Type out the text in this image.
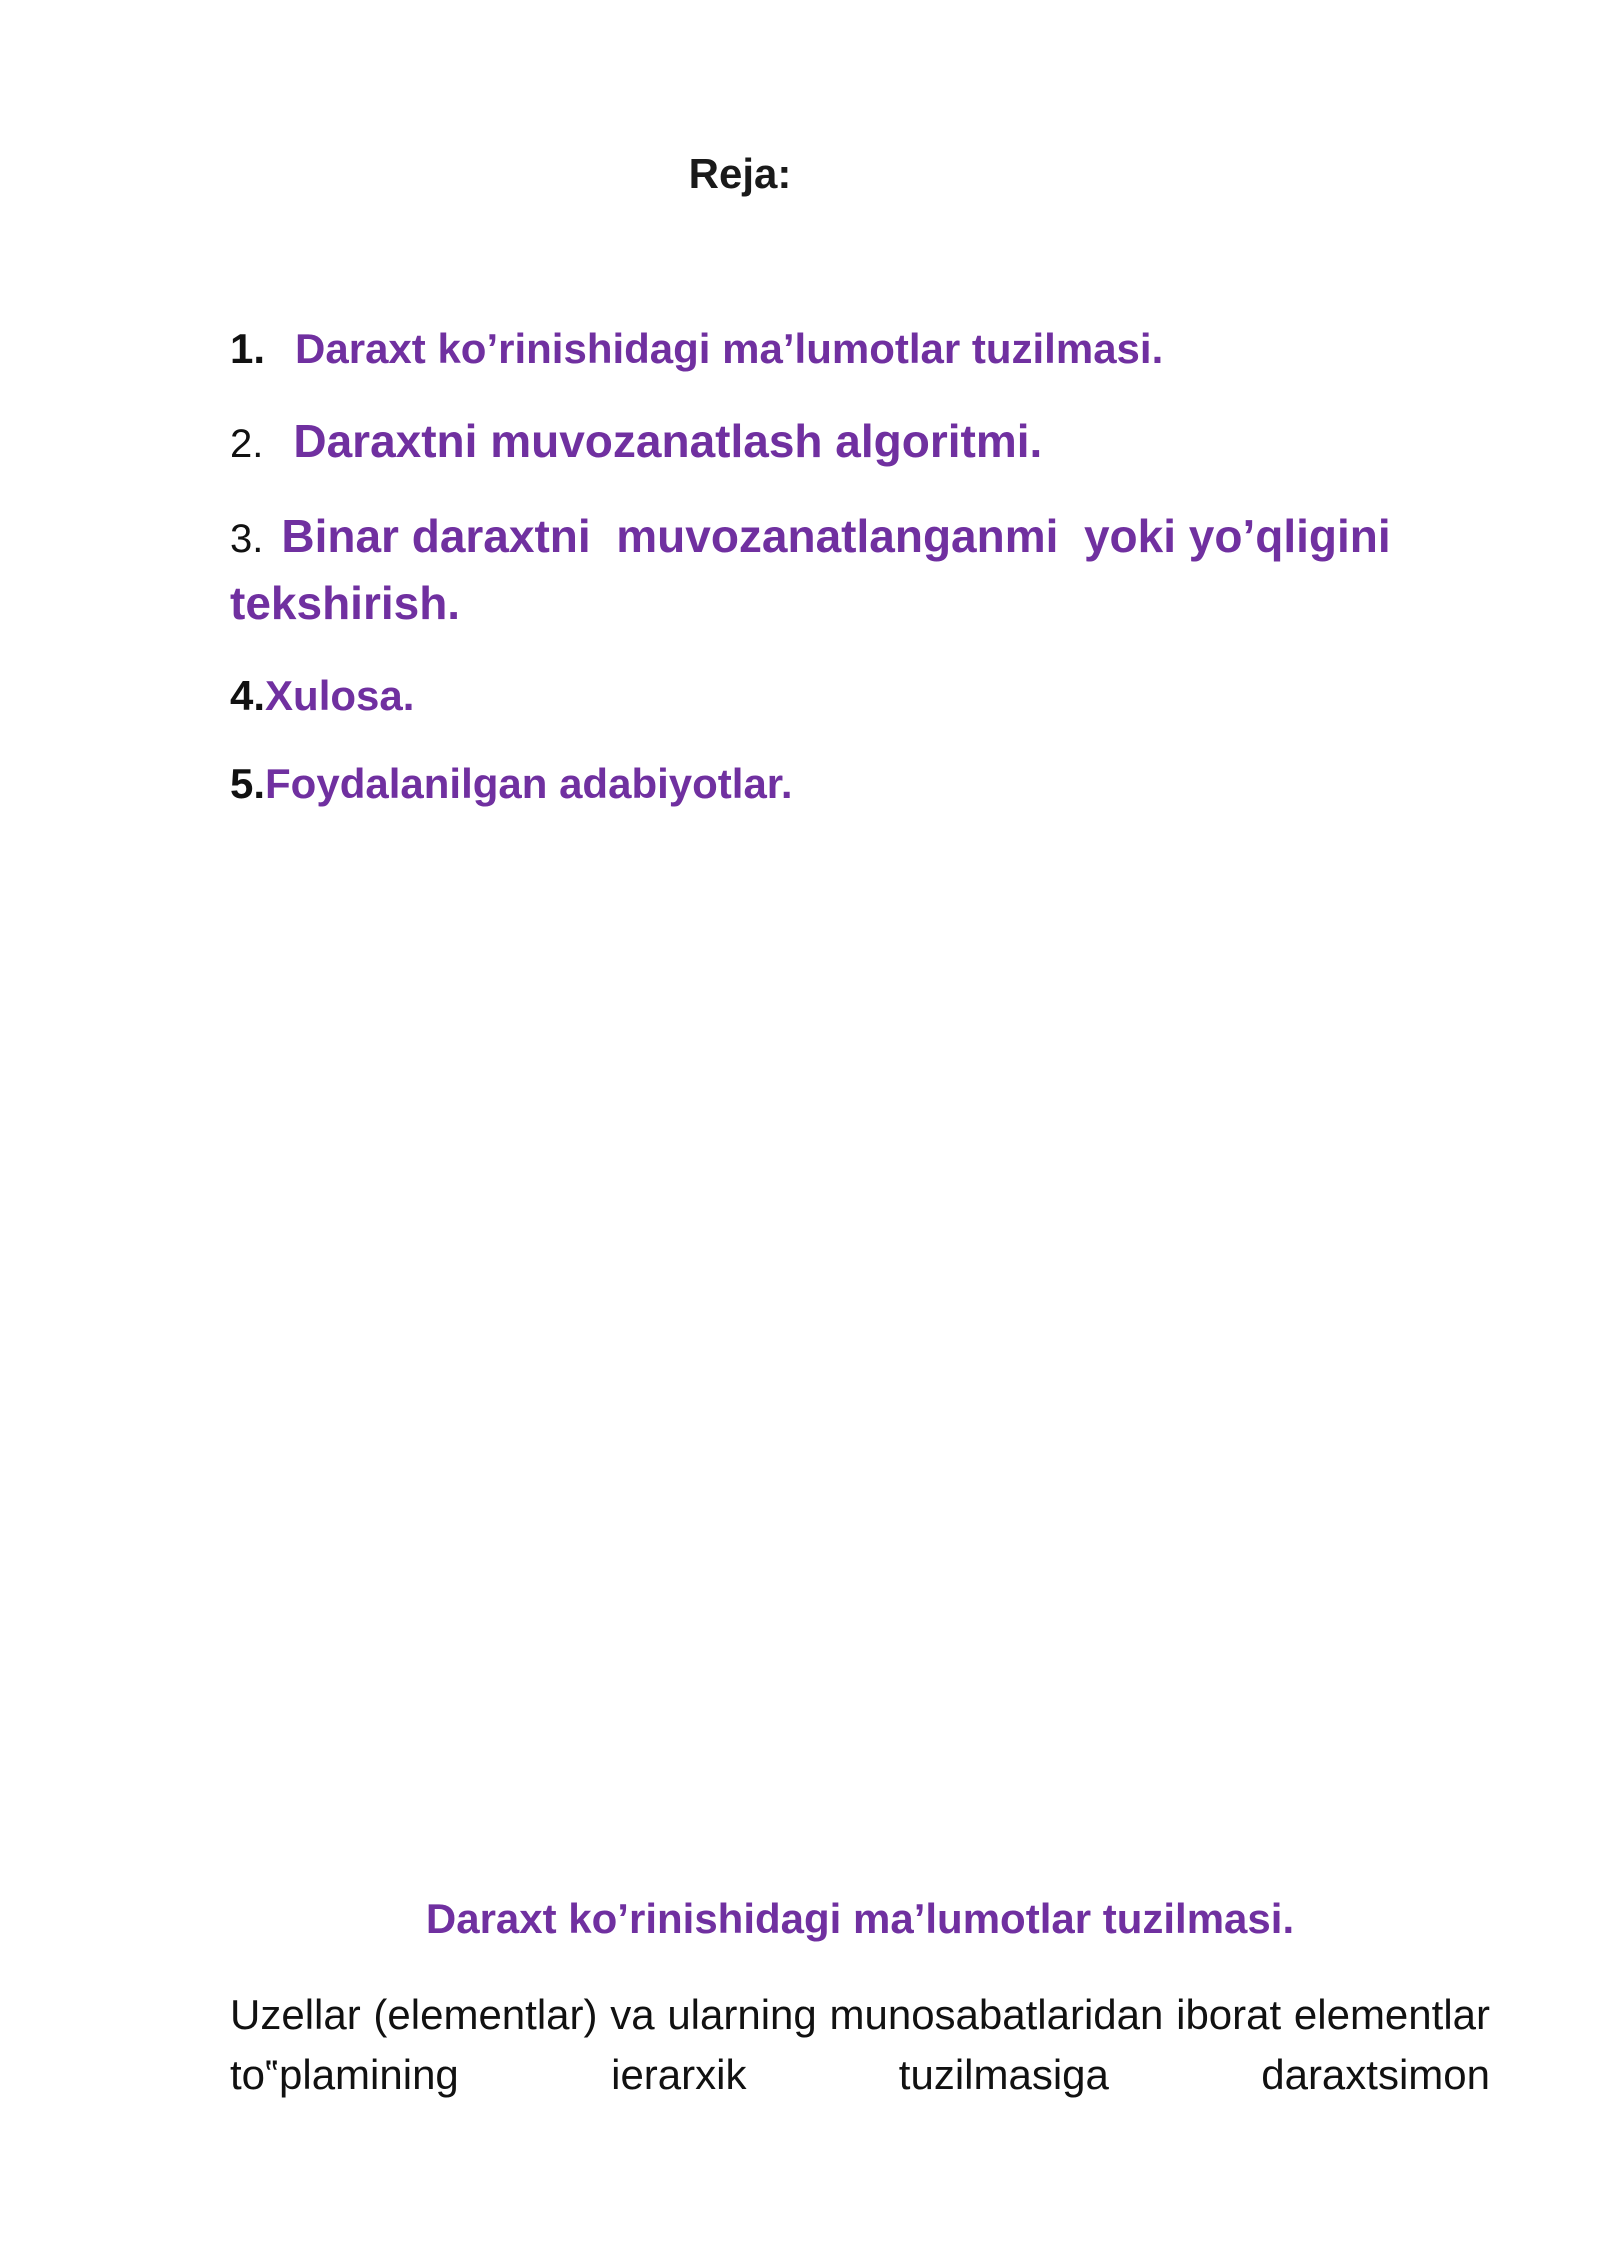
Reja:
1. Daraxt ko’rinishidagi ma’lumotlar tuzilmasi.
2. Daraxtni muvozanatlash algoritmi.
3. Binar daraxtni  muvozanatlanganmi  yoki yo’qligini tekshirish.
4.Xulosa.
5.Foydalanilgan adabiyotlar.
Daraxt ko’rinishidagi ma’lumotlar tuzilmasi.

Uzellar (elementlar) va ularning munosabatlaridan iborat elementlar to‟plamining ierarxik tuzilmasiga daraxtsimon
